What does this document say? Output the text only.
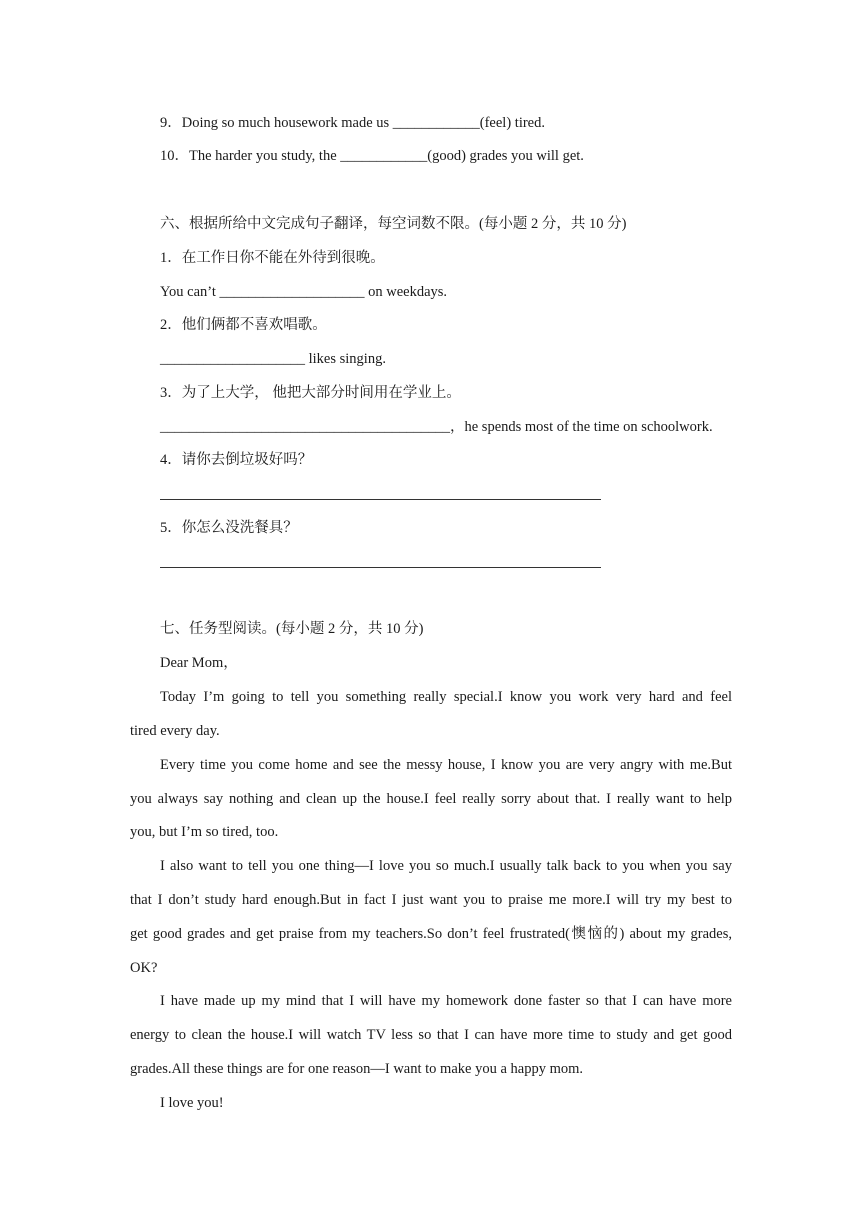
9．Doing so much housework made us ____________(feel) tired.
10．The harder you study, the ____________(good) grades you will get.
六、根据所给中文完成句子翻译，每空词数不限。(每小题 2 分，共 10 分)
1．在工作日你不能在外待到很晚。
You can’t ____________________ on weekdays.
2．他们俩都不喜欢唱歌。
____________________ likes singing.
3．为了上大学， 他把大部分时间用在学业上。
________________________________________，he spends most of the time on schoolwork.
4．请你去倒垃圾好吗？
5．你怎么没洗餐具？
七、任务型阅读。(每小题 2 分，共 10 分)
Dear Mom，
Today I’m going to tell you something really special.I know you work very hard and feel
tired every day.
Every time you come home and see the messy house, I know you are very angry with me.But
you always say nothing and clean up the house.I feel really sorry about that. I really want to help
you, but I’m so tired, too.
I also want to tell you one thing—I love you so much.I usually talk back to you when you say
that I don’t study hard enough.But in fact I just want you to praise me more.I will try my best to
get good grades and get praise from my teachers.So don’t feel frustrated(懊恼的) about my grades,
OK?
I have made up my mind that I will have my homework done faster so that I can have more
energy to clean the house.I will watch TV less so that I can have more time to study and get good
grades.All these things are for one reason—I want to make you a happy mom.
I love you!
